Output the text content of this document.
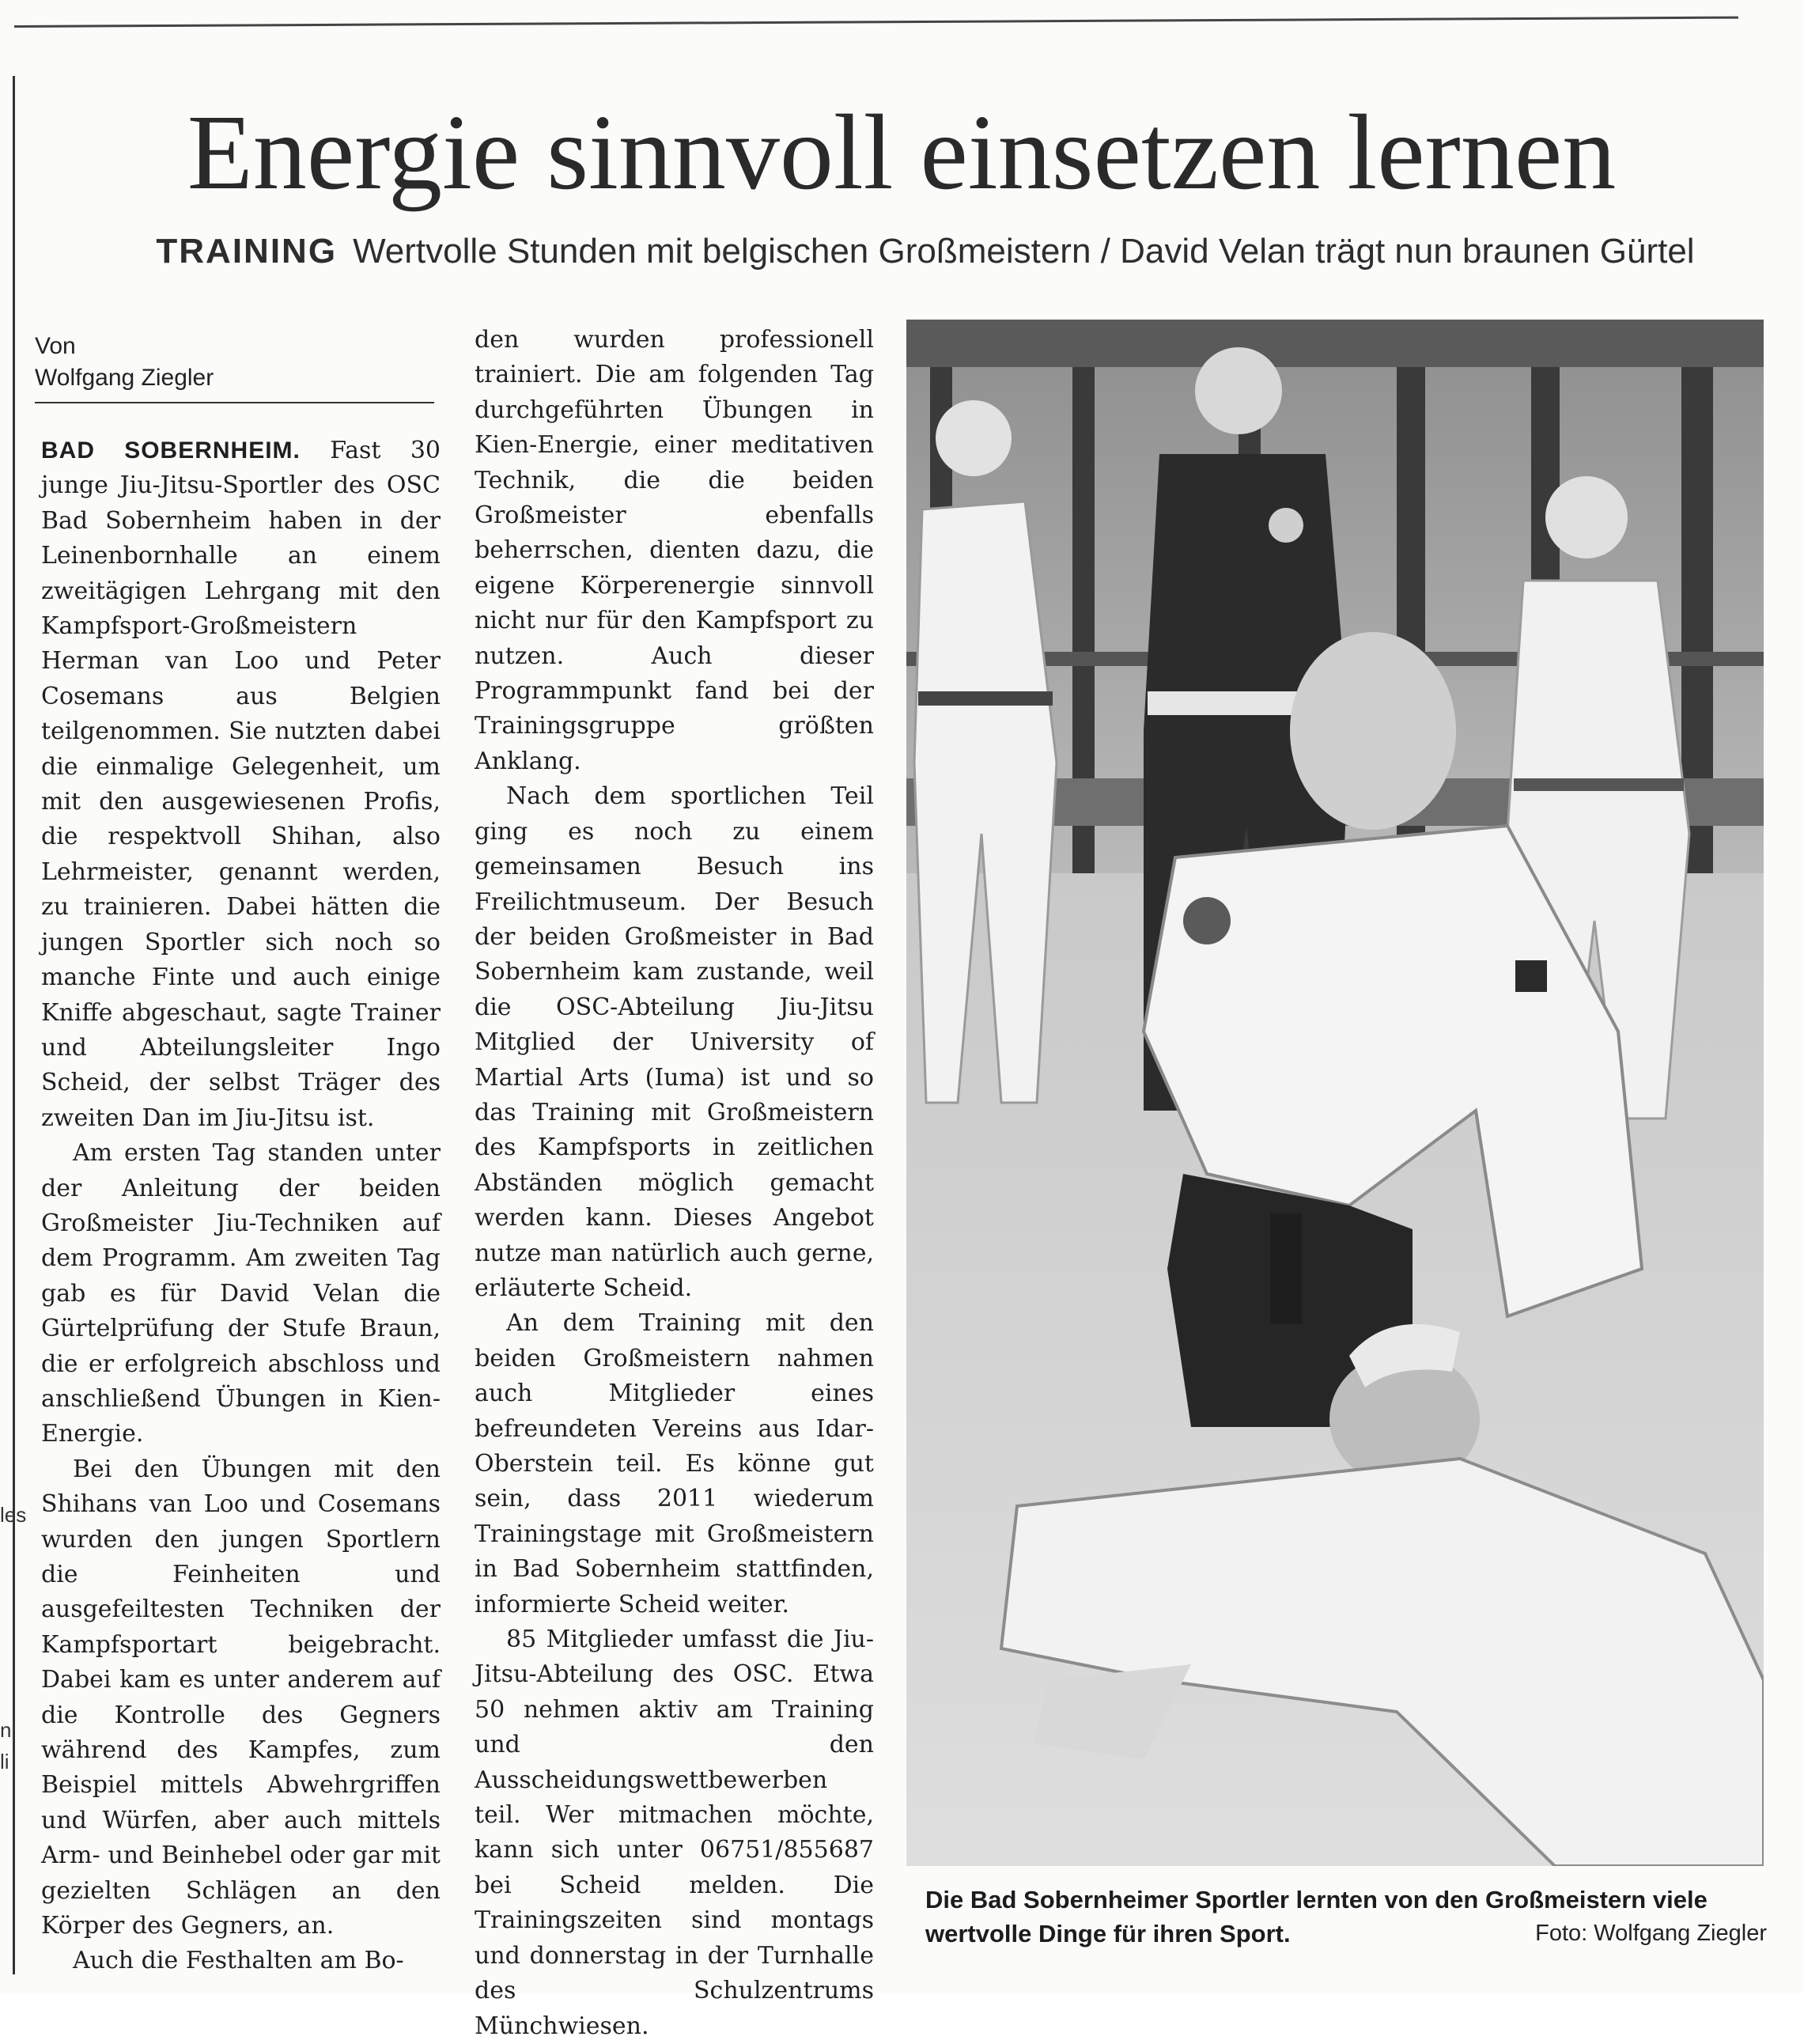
les
n
li
Energie sinnvoll einsetzen lernen
TRAINING Wertvolle Stunden mit belgischen Großmeistern / David Velan trägt nun braunen Gürtel
Von
Wolfgang Ziegler

BAD SOBERNHEIM. Fast 30 junge Jiu-Jitsu-Sportler des OSC Bad Sobernheim haben in der Leinenbornhalle an einem zweitägigen Lehrgang mit den Kampfsport-Großmeistern Herman van Loo und Peter Cosemans aus Belgien teilgenommen. Sie nutzten dabei die einmalige Gelegenheit, um mit den ausgewiesenen Profis, die respektvoll Shihan, also Lehrmeister, genannt werden, zu trainieren. Dabei hätten die jungen Sportler sich noch so manche Finte und auch einige Kniffe abgeschaut, sagte Trainer und Abteilungsleiter Ingo Scheid, der selbst Träger des zweiten Dan im Jiu-Jitsu ist.

Am ersten Tag standen unter der Anleitung der beiden Großmeister Jiu-Techniken auf dem Programm. Am zweiten Tag gab es für David Velan die Gürtelprüfung der Stufe Braun, die er erfolgreich abschloss und anschließend Übungen in Kien-Energie.

Bei den Übungen mit den Shihans van Loo und Cosemans wurden den jungen Sportlern die Feinheiten und ausgefeiltesten Techniken der Kampfsportart beigebracht. Dabei kam es unter anderem auf die Kontrolle des Gegners während des Kampfes, zum Beispiel mittels Abwehrgriffen und Würfen, aber auch mittels Arm- und Beinhebel oder gar mit gezielten Schlägen an den Körper des Gegners, an.

Auch die Festhalten am Bo-

den wurden professionell trainiert. Die am folgenden Tag durchgeführten Übungen in Kien-Energie, einer meditativen Technik, die die beiden Großmeister ebenfalls beherrschen, dienten dazu, die eigene Körperenergie sinnvoll nicht nur für den Kampfsport zu nutzen. Auch dieser Programmpunkt fand bei der Trainingsgruppe größten Anklang.

Nach dem sportlichen Teil ging es noch zu einem gemeinsamen Besuch ins Freilichtmuseum. Der Besuch der beiden Großmeister in Bad Sobernheim kam zustande, weil die OSC-Abteilung Jiu-Jitsu Mitglied der University of Martial Arts (Iuma) ist und so das Training mit Großmeistern des Kampfsports in zeitlichen Abständen möglich gemacht werden kann. Dieses Angebot nutze man natürlich auch gerne, erläuterte Scheid.

An dem Training mit den beiden Großmeistern nahmen auch Mitglieder eines befreundeten Vereins aus Idar-Oberstein teil. Es könne gut sein, dass 2011 wiederum Trainingstage mit Großmeistern in Bad Sobernheim stattfinden, informierte Scheid weiter.

85 Mitglieder umfasst die Jiu-Jitsu-Abteilung des OSC. Etwa 50 nehmen aktiv am Training und den Ausscheidungswettbewerben teil. Wer mitmachen möchte, kann sich unter 06751/855687 bei Scheid melden. Die Trainingszeiten sind montags und donnerstag in der Turnhalle des Schulzentrums Münchwiesen.

Die Bad Sobernheimer Sportler lernten von den Großmeistern viele wertvolle Dinge für ihren Sport.	Foto: Wolfgang Ziegler
